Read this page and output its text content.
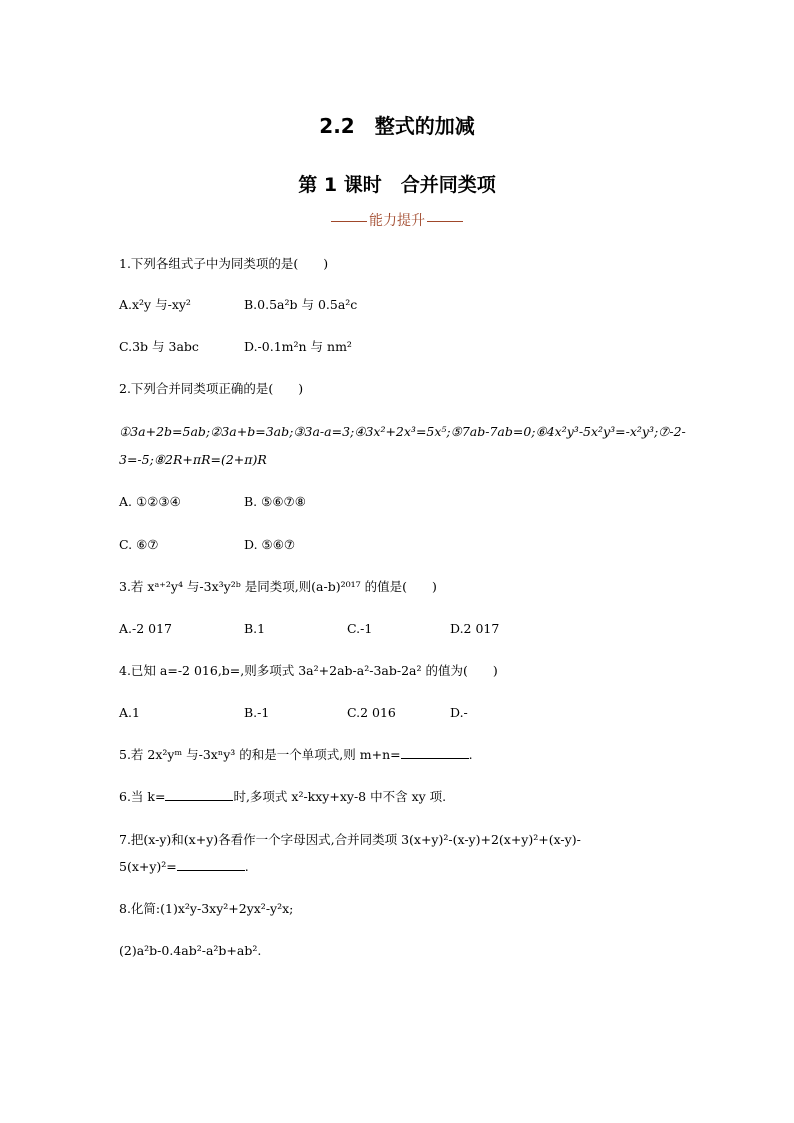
2.2　整式的加减
第 1 课时　合并同类项
能力提升
1.下列各组式子中为同类项的是(　　)
A.x²y 与-xy²	B.0.5a²b 与 0.5a²c
C.3b 与 3abc	D.-0.1m²n 与 nm²
2.下列合并同类项正确的是(　　)
①3a+2b=5ab;②3a+b=3ab;③3a-a=3;④3x²+2x³=5x⁵;⑤7ab-7ab=0;⑥4x²y³-5x²y³=-x²y³;⑦-2-
3=-5;⑧2R+πR=(2+π)R
A. ①②③④	B. ⑤⑥⑦⑧
C. ⑥⑦	D. ⑤⑥⑦
3.若 xᵃ⁺²y⁴ 与-3x³y²ᵇ 是同类项,则(a-b)²⁰¹⁷ 的值是(　　)
A.-2 017	B.1	C.-1	D.2 017
4.已知 a=-2 016,b=,则多项式 3a²+2ab-a²-3ab-2a² 的值为(　　)
A.1	B.-1	C.2 016	D.-
5.若 2x²yᵐ 与-3xⁿy³ 的和是一个单项式,则 m+n=	.
6.当 k=	时,多项式 x²-kxy+xy-8 中不含 xy 项.
7.把(x-y)和(x+y)各看作一个字母因式,合并同类项 3(x+y)²-(x-y)+2(x+y)²+(x-y)-
5(x+y)²=	.
8.化简:(1)x²y-3xy²+2yx²-y²x;
(2)a²b-0.4ab²-a²b+ab².
